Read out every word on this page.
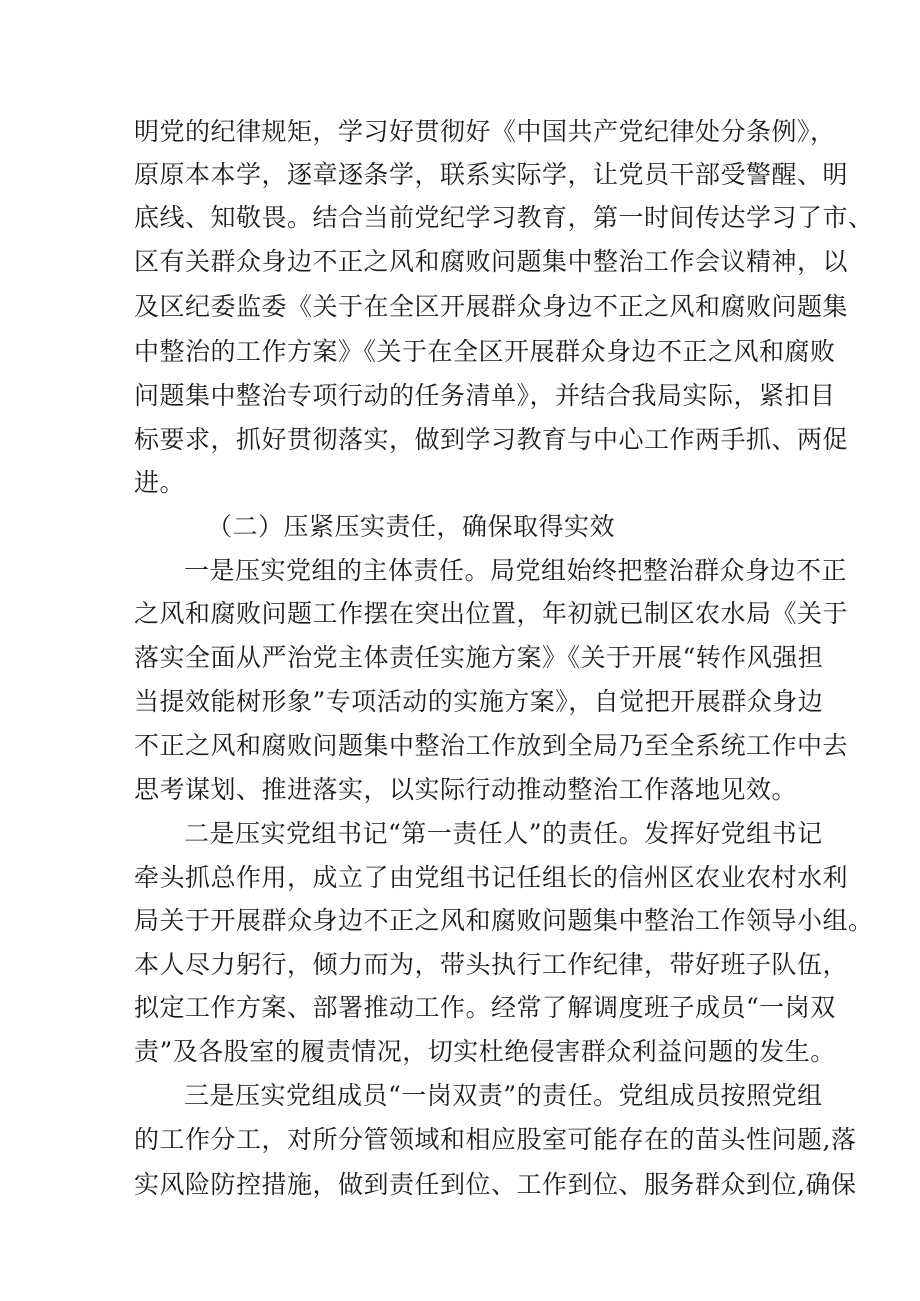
明党的纪律规矩，学习好贯彻好《中国共产党纪律处分条例》，
原原本本学，逐章逐条学，联系实际学，让党员干部受警醒、明
底线、知敬畏。结合当前党纪学习教育，第一时间传达学习了市、
区有关群众身边不正之风和腐败问题集中整治工作会议精神，以
及区纪委监委《关于在全区开展群众身边不正之风和腐败问题集
中整治的工作方案》《关于在全区开展群众身边不正之风和腐败
问题集中整治专项行动的任务清单》，并结合我局实际，紧扣目
标要求，抓好贯彻落实，做到学习教育与中心工作两手抓、两促
进。
（二）压紧压实责任，确保取得实效
一是压实党组的主体责任。局党组始终把整治群众身边不正
之风和腐败问题工作摆在突出位置，年初就已制区农水局《关于
落实全面从严治党主体责任实施方案》《关于开展“转作风强担
当提效能树形象”专项活动的实施方案》，自觉把开展群众身边
不正之风和腐败问题集中整治工作放到全局乃至全系统工作中去
思考谋划、推进落实，以实际行动推动整治工作落地见效。
二是压实党组书记“第一责任人”的责任。发挥好党组书记
牵头抓总作用，成立了由党组书记任组长的信州区农业农村水利
局关于开展群众身边不正之风和腐败问题集中整治工作领导小组。
本人尽力躬行，倾力而为，带头执行工作纪律，带好班子队伍，
拟定工作方案、部署推动工作。经常了解调度班子成员“一岗双
责”及各股室的履责情况，切实杜绝侵害群众利益问题的发生。
三是压实党组成员“一岗双责”的责任。党组成员按照党组
的工作分工，对所分管领域和相应股室可能存在的苗头性问题,落
实风险防控措施，做到责任到位、工作到位、服务群众到位,确保
